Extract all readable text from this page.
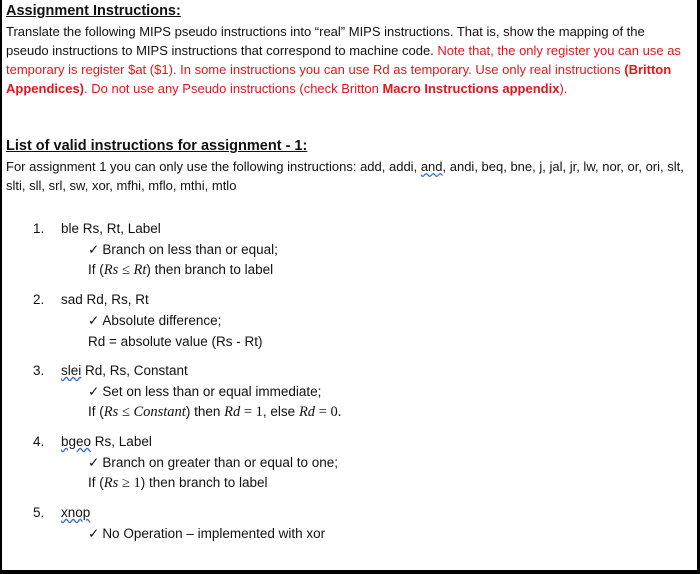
Assignment Instructions:
Translate the following MIPS pseudo instructions into “real” MIPS instructions. That is, show the mapping of the pseudo instructions to MIPS instructions that correspond to machine code. Note that, the only register you can use as temporary is register $at ($1). In some instructions you can use Rd as temporary. Use only real instructions (Britton Appendices). Do not use any Pseudo instructions (check Britton Macro Instructions appendix).
List of valid instructions for assignment - 1:
For assignment 1 you can only use the following instructions: add, addi, and, andi, beq, bne, j, jal, jr, lw, nor, or, ori, slt, slti, sll, srl, sw, xor, mfhi, mflo, mthi, mtlo
1. ble Rs, Rt, Label
✓ Branch on less than or equal;
If (Rs ≤ Rt) then branch to label
2. sad Rd, Rs, Rt
✓ Absolute difference;
Rd = absolute value (Rs - Rt)
3. slei Rd, Rs, Constant
✓ Set on less than or equal immediate;
If (Rs ≤ Constant) then Rd = 1, else Rd = 0.
4. bgeo Rs, Label
✓ Branch on greater than or equal to one;
If (Rs ≥ 1) then branch to label
5. xnop
✓ No Operation – implemented with xor
